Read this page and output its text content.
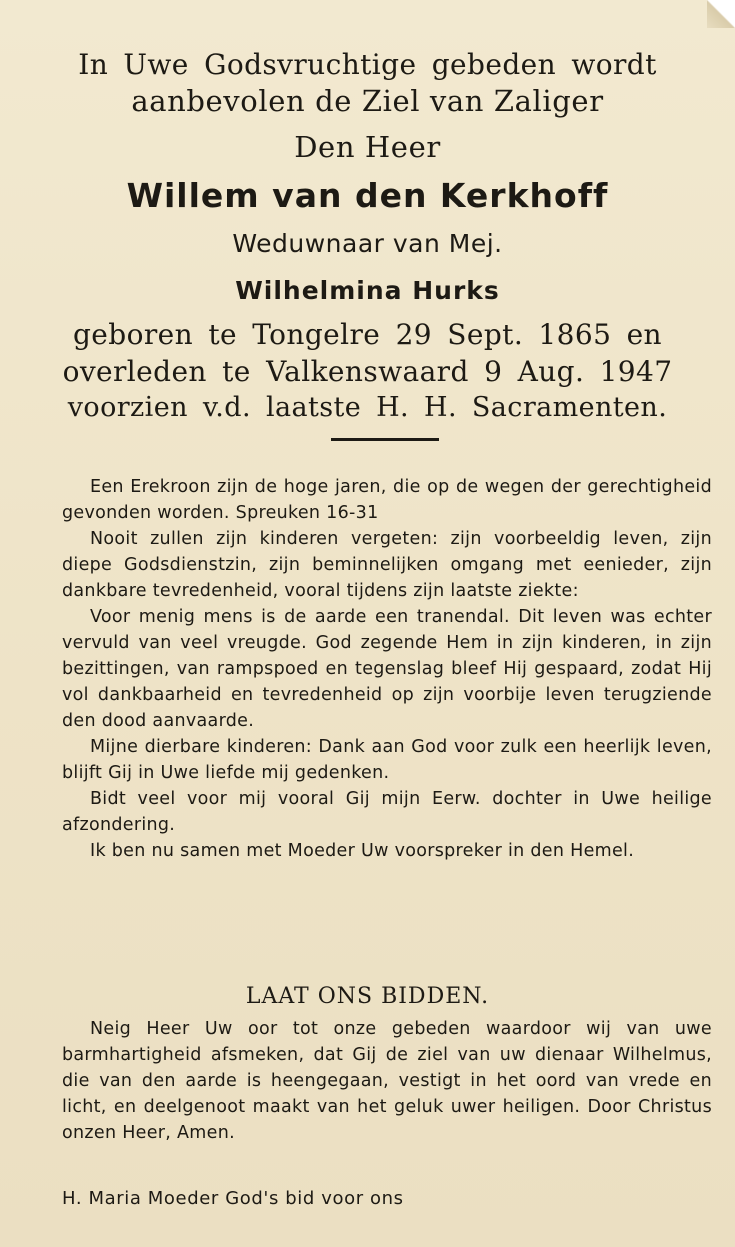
In Uwe Godsvruchtige gebeden wordt
aanbevolen de Ziel van Zaliger
Den Heer
Willem van den Kerkhoff
Weduwnaar van Mej.
Wilhelmina Hurks
geboren te Tongelre 29 Sept. 1865 en
overleden te Valkenswaard 9 Aug. 1947
voorzien v.d. laatste H. H. Sacramenten.

Een Erekroon zijn de hoge jaren, die op de wegen der gerechtigheid gevonden worden. Spreuken 16-31

Nooit zullen zijn kinderen vergeten: zijn voorbeeldig leven, zijn diepe Godsdienstzin, zijn beminnelijken omgang met eenieder, zijn dankbare tevredenheid, vooral tijdens zijn laatste ziekte:

Voor menig mens is de aarde een tranendal. Dit leven was echter vervuld van veel vreugde. God zegende Hem in zijn kinderen, in zijn bezittingen, van rampspoed en tegenslag bleef Hij gespaard, zodat Hij vol dankbaarheid en tevredenheid op zijn voorbije leven terugziende den dood aanvaarde.

Mijne dierbare kinderen: Dank aan God voor zulk een heerlijk leven, blijft Gij in Uwe liefde mij gedenken.

Bidt veel voor mij vooral Gij mijn Eerw. dochter in Uwe heilige afzondering.

Ik ben nu samen met Moeder Uw voorspreker in den Hemel.

LAAT ONS BIDDEN.

Neig Heer Uw oor tot onze gebeden waardoor wij van uwe barmhartigheid afsmeken, dat Gij de ziel van uw dienaar Wilhelmus, die van den aarde is heengegaan, vestigt in het oord van vrede en licht, en deelgenoot maakt van het geluk uwer heiligen. Door Christus onzen Heer, Amen.

H. Maria Moeder God's bid voor ons
